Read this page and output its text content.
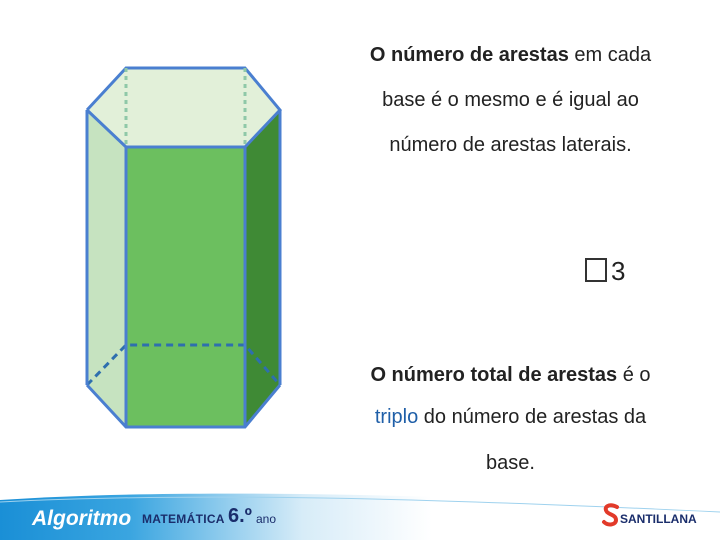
O número de arestas em cada
base é o mesmo e é igual ao
número de arestas laterais.
3
O número total de arestas é o
triplo do número de arestas da
base.
Algoritmo MATEMÁTICA 6.º ano	SANTILLANA
